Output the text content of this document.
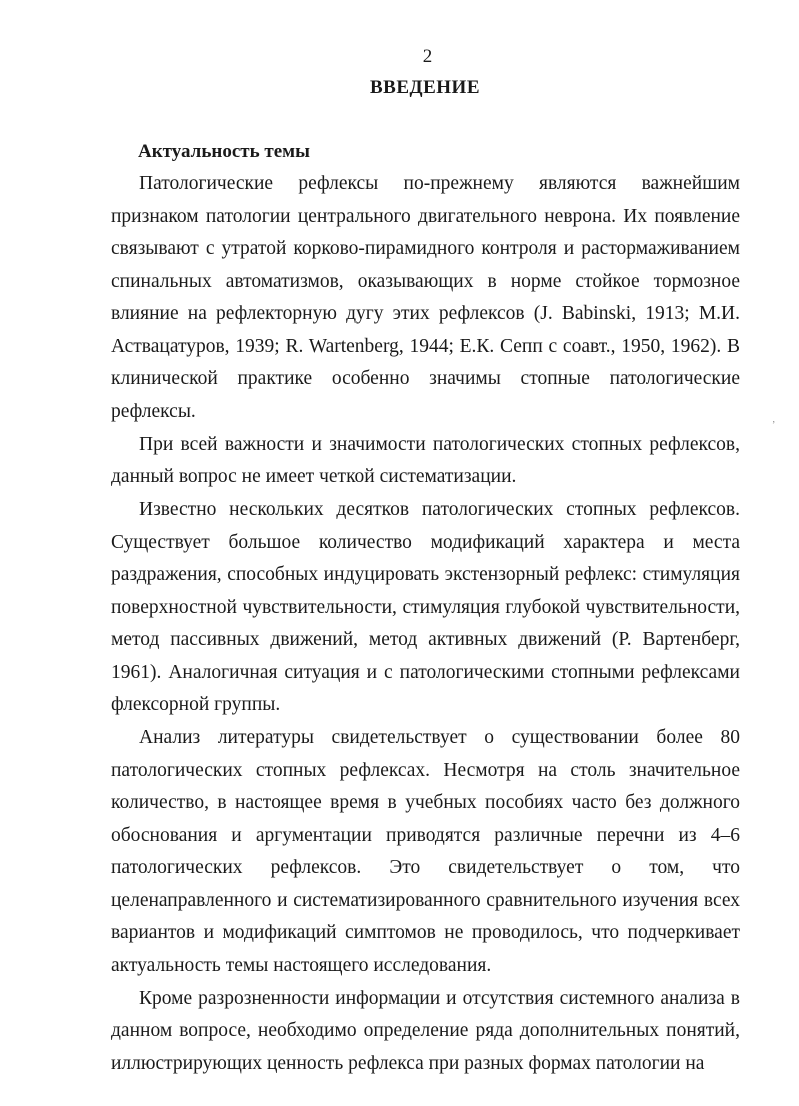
2
ВВЕДЕНИЕ
Актуальность темы

Патологические рефлексы по-прежнему являются важнейшим признаком патологии центрального двигательного неврона. Их появление связывают с утратой корково-пирамидного контроля и растормаживанием спинальных автоматизмов, оказывающих в норме стойкое тормозное влияние на рефлекторную дугу этих рефлексов (J. Babinski, 1913; М.И. Аствацатуров, 1939; R. Wartenberg, 1944; Е.К. Сепп с соавт., 1950, 1962). В клинической практике особенно значимы стопные патологические рефлексы.

При всей важности и значимости патологических стопных рефлексов, данный вопрос не имеет четкой систематизации.

Известно нескольких десятков патологических стопных рефлексов. Существует большое количество модификаций характера и места раздражения, способных индуцировать экстензорный рефлекс: стимуляция поверхностной чувствительности, стимуляция глубокой чувствительности, метод пассивных движений, метод активных движений (Р. Вартенберг, 1961). Аналогичная ситуация и с патологическими стопными рефлексами флексорной группы.

Анализ литературы свидетельствует о существовании более 80 патологических стопных рефлексах. Несмотря на столь значительное количество, в настоящее время в учебных пособиях часто без должного обоснования и аргументации приводятся различные перечни из 4–6 патологических рефлексов. Это свидетельствует о том, что целенаправленного и систематизированного сравнительного изучения всех вариантов и модификаций симптомов не проводилось, что подчеркивает актуальность темы настоящего исследования.

Кроме разрозненности информации и отсутствия системного анализа в данном вопросе, необходимо определение ряда дополнительных понятий, иллюстрирующих ценность рефлекса при разных формах патологии на

’
